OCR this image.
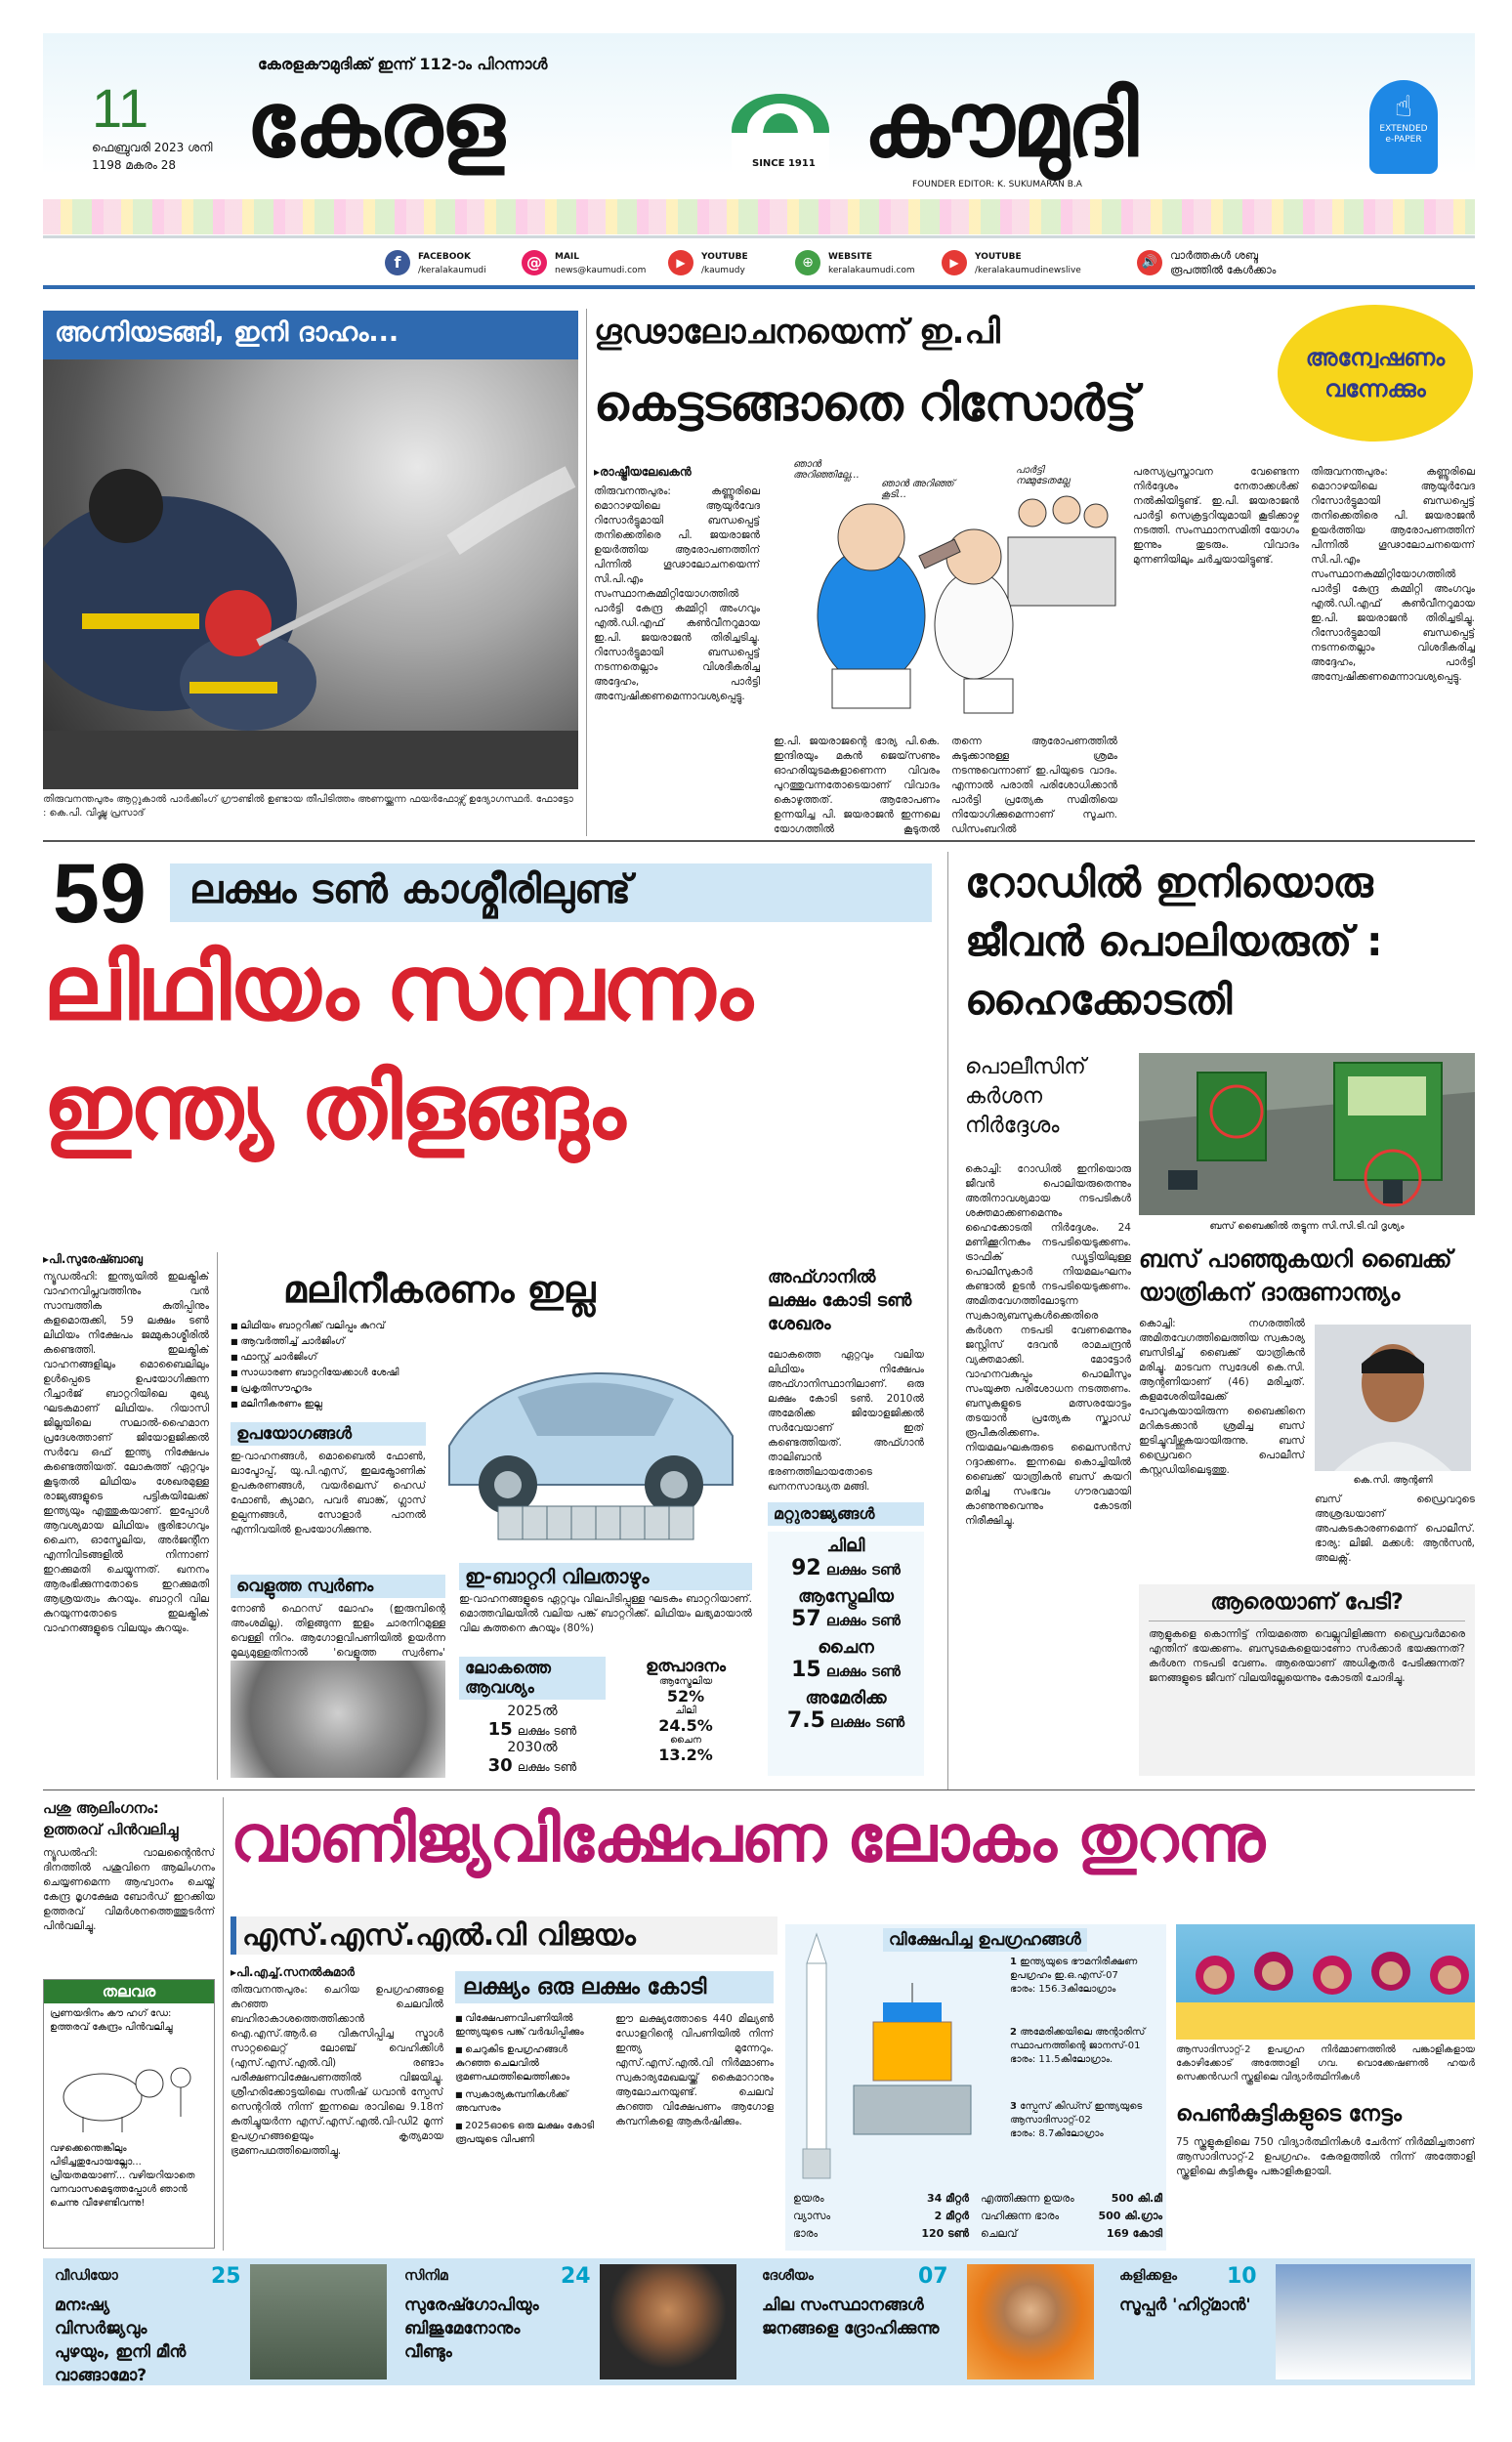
11
ഫെബ്രുവരി 2023 ശനി
1198 മകരം 28
കേരളകൗമുദിക്ക് ഇന്ന് 112-ാം പിറന്നാൾ
കേരള	SINCE 1911 കൗമുദി
FOUNDER EDITOR: K. SUKUMARAN B.A
☝
EXTENDED
e-PAPER
f	FACEBOOK
/keralakaumudi	@	MAIL
news@kaumudi.com
▶	YOUTUBE
/kaumudy	⊕	WEBSITE
keralakaumudi.com
▶	YOUTUBE
/keralakaumudinewslive
🔊	വാർത്തകൾ ശബ്ദ
രൂപത്തിൽ കേൾക്കാം
അഗ്നിയടങ്ങി, ഇനി ദാഹം...
തിരുവനന്തപുരം ആറ്റുകാൽ പാർക്കിംഗ് ഗ്രൗണ്ടിൽ ഉണ്ടായ തീപിടിത്തം അണയ്ക്കുന്ന ഫയർഫോഴ്സ് ഉദ്യോഗസ്ഥർ. ഫോട്ടോ : കെ.പി. വിഷ്ണു പ്രസാദ്
ഗൂഢാലോചനയെന്ന് ഇ.പി
കെട്ടടങ്ങാതെ റിസോർട്ട്
അന്വേഷണം വന്നേക്കും
▸രാഷ്ട്രീയലേഖകൻ
തിരുവനന്തപുരം: കണ്ണൂരിലെ മൊറാഴയിലെ ആയുർവേദ റിസോർട്ടുമായി ബന്ധപ്പെട്ട് തനിക്കെതിരെ പി. ജയരാജൻ ഉയർത്തിയ ആരോപണത്തിന് പിന്നിൽ ഗൂഢാലോചനയെന്ന് സി.പി.എം സംസ്ഥാനകമ്മിറ്റിയോഗത്തിൽ പാർട്ടി കേന്ദ്ര കമ്മിറ്റി അംഗവും എൽ.ഡി.എഫ് കൺവീനറുമായ ഇ.പി. ജയരാജൻ തിരിച്ചടിച്ചു. റിസോർട്ടുമായി ബന്ധപ്പെട്ട് നടന്നതെല്ലാം വിശദീകരിച്ച അദ്ദേഹം, പാർട്ടി അന്വേഷിക്കണമെന്നാവശ്യപ്പെട്ടു.
ഞാൻ അറിഞ്ഞില്ലേ...
ഞാൻ അറിഞ്ഞ് കൂടി...
പാർട്ടി നമ്മുടേതല്ലേ
ഇ.പി. ജയരാജന്റെ ഭാര്യ പി.കെ. ഇന്ദിരയും മകൻ ജെയ്‌സണും ഓഹരിയുടമകളാണെന്ന വിവരം പുറത്തുവന്നതോടെയാണ് വിവാദം കൊഴുത്തത്. ആരോപണം ഉന്നയിച്ച പി. ജയരാജൻ ഇന്നലെ യോഗത്തിൽ കൂടുതൽ
തന്നെ ആരോപണത്തിൽ കുടുക്കാനുള്ള ശ്രമം നടന്നുവെന്നാണ് ഇ.പിയുടെ വാദം. എന്നാൽ പരാതി പരിശോധിക്കാൻ പാർട്ടി പ്രത്യേക സമിതിയെ നിയോഗിക്കുമെന്നാണ് സൂചന. ഡിസംബറിൽ
പരസ്യപ്രസ്താവന വേണ്ടെന്ന നിർദ്ദേശം നേതാക്കൾക്ക് നൽകിയിട്ടുണ്ട്. ഇ.പി. ജയരാജൻ പാർട്ടി സെക്രട്ടറിയുമായി കൂടിക്കാഴ്ച നടത്തി. സംസ്ഥാനസമിതി യോഗം ഇന്നും തുടരും. വിവാദം മുന്നണിയിലും ചർച്ചയായിട്ടുണ്ട്.
തിരുവനന്തപുരം: കണ്ണൂരിലെ മൊറാഴയിലെ ആയുർവേദ റിസോർട്ടുമായി ബന്ധപ്പെട്ട് തനിക്കെതിരെ പി. ജയരാജൻ ഉയർത്തിയ ആരോപണത്തിന് പിന്നിൽ ഗൂഢാലോചനയെന്ന് സി.പി.എം സംസ്ഥാനകമ്മിറ്റിയോഗത്തിൽ പാർട്ടി കേന്ദ്ര കമ്മിറ്റി അംഗവും എൽ.ഡി.എഫ് കൺവീനറുമായ ഇ.പി. ജയരാജൻ തിരിച്ചടിച്ചു. റിസോർട്ടുമായി ബന്ധപ്പെട്ട് നടന്നതെല്ലാം വിശദീകരിച്ച അദ്ദേഹം, പാർട്ടി അന്വേഷിക്കണമെന്നാവശ്യപ്പെട്ടു.
59 ലക്ഷം ടൺ കാശ്മീരിലുണ്ട്
ലിഥിയം സമ്പന്നം
ഇന്ത്യ തിളങ്ങും
▸പി.സുരേഷ്ബാബു
ന്യൂഡൽഹി: ഇന്ത്യയിൽ ഇലക്ട്രിക് വാഹനവിപ്ലവത്തിനും വൻ സാമ്പത്തിക കുതിപ്പിനും കളമൊരുക്കി, 59 ലക്ഷം ടൺ ലിഥിയം നിക്ഷേപം ജമ്മുകാശ്മീരിൽ കണ്ടെത്തി. ഇലക്ട്രിക് വാഹനങ്ങളിലും മൊബൈലിലും ഉൾപ്പെടെ ഉപയോഗിക്കുന്ന റീച്ചാർജ് ബാറ്ററിയിലെ മുഖ്യ ഘടകമാണ് ലിഥിയം. റിയാസി ജില്ലയിലെ സലാൽ-ഹൈമാന പ്രദേശത്താണ് ജിയോളജിക്കൽ സർവേ ഒഫ് ഇന്ത്യ നിക്ഷേപം കണ്ടെത്തിയത്. ലോകത്ത് ഏറ്റവും കൂടുതൽ ലിഥിയം ശേഖരമുള്ള രാജ്യങ്ങളുടെ പട്ടികയിലേക്ക് ഇന്ത്യയും എത്തുകയാണ്. ഇപ്പോൾ ആവശ്യമായ ലിഥിയം ഭൂരിഭാഗവും ചൈന, ഓസ്ട്രേലിയ, അർജന്റീന എന്നിവിടങ്ങളിൽ നിന്നാണ് ഇറക്കുമതി ചെയ്യുന്നത്. ഖനനം ആരംഭിക്കുന്നതോടെ ഇറക്കുമതി ആശ്രയത്വം കുറയും. ബാറ്ററി വില കുറയുന്നതോടെ ഇലക്ട്രിക് വാഹനങ്ങളുടെ വിലയും കുറയും.
മലിനീകരണം ഇല്ല
■ ലിഥിയം ബാറ്ററിക്ക് വലിപ്പം കുറവ്
■ ആവർത്തിച്ച് ചാർജിംഗ്
■ ഫാസ്റ്റ് ചാർജിംഗ്
■ സാധാരണ ബാറ്ററിയേക്കാൾ ശേഷി
■ പ്രകൃതിസൗഹൃദം
■ മലിനീകരണം ഇല്ല
ഉപയോഗങ്ങൾ
ഇ-വാഹനങ്ങൾ, മൊബൈൽ ഫോൺ, ലാപ്ടോപ്പ്, യു.പി.എസ്, ഇലക്ട്രോണിക് ഉപകരണങ്ങൾ, വയർലെസ് ഹെഡ് ഫോൺ, ക്യാമറ, പവർ ബാങ്ക്, ഗ്ലാസ് ഉല്പന്നങ്ങൾ, സോളാർ പാനൽ എന്നിവയിൽ ഉപയോഗിക്കുന്നു.
ഇ-ബാറ്ററി വിലതാഴും
ഇ-വാഹനങ്ങളുടെ ഏറ്റവും വിലപിടിപ്പുള്ള ഘടകം ബാറ്ററിയാണ്. മൊത്തവിലയിൽ വലിയ പങ്ക് ബാറ്ററിക്ക്. ലിഥിയം ലഭ്യമായാൽ വില കുത്തനെ കുറയും (80%)
വെളുത്ത സ്വർണം
നോൺ ഫെറസ് ലോഹം (ഇരുമ്പിന്റെ അംശമില്ല). തിളങ്ങുന്ന ഇളം ചാരനിറമുള്ള വെള്ളി നിറം. ആഗോളവിപണിയിൽ ഉയർന്ന മൂല്യമുള്ളതിനാൽ 'വെളുത്ത സ്വർണം'
ലോകത്തെ ആവശ്യം
2025ൽ
15 ലക്ഷം ടൺ
2030ൽ
30 ലക്ഷം ടൺ
ഉത്പാദനം
ആസ്ട്രേലിയ
52%
ചിലി
24.5%
ചൈന
13.2%
അഫ്ഗാനിൽ ലക്ഷം കോടി ടൺ ശേഖരം
ലോകത്തെ ഏറ്റവും വലിയ ലിഥിയം നിക്ഷേപം അഫ്ഗാനിസ്ഥാനിലാണ്. ഒരു ലക്ഷം കോടി ടൺ. 2010ൽ അമേരിക്ക ജിയോളജിക്കൽ സർവേയാണ് ഇത് കണ്ടെത്തിയത്. അഫ്ഗാൻ താലിബാൻ ഭരണത്തിലായതോടെ ഖനനസാദ്ധ്യത മങ്ങി.
മറ്റുരാജ്യങ്ങൾ
ചിലി
92 ലക്ഷം ടൺ
ആസ്ട്രേലിയ
57 ലക്ഷം ടൺ
ചൈന
15 ലക്ഷം ടൺ
അമേരിക്ക
7.5 ലക്ഷം ടൺ
റോഡിൽ ഇനിയൊരു ജീവൻ പൊലിയരുത് : ഹൈക്കോടതി
പൊലീസിന് കർശന നിർദ്ദേശം
ബസ് ബൈക്കിൽ തട്ടുന്ന സി.സി.ടി.വി ദൃശ്യം
കൊച്ചി: റോഡിൽ ഇനിയൊരു ജീവൻ പൊലിയരുതെന്നും അതിനാവശ്യമായ നടപടികൾ ശക്തമാക്കണമെന്നും ഹൈക്കോടതി നിർദ്ദേശം. 24 മണിക്കൂറിനകം നടപടിയെടുക്കണം. ട്രാഫിക് ഡ്യൂട്ടിയിലുള്ള പൊലീസുകാർ നിയമലംഘനം കണ്ടാൽ ഉടൻ നടപടിയെടുക്കണം. അമിതവേഗത്തിലോടുന്ന സ്വകാര്യബസുകൾക്കെതിരെ കർശന നടപടി വേണമെന്നും ജസ്റ്റിസ് ദേവൻ രാമചന്ദ്രൻ വ്യക്തമാക്കി. മോട്ടോർ വാഹനവകുപ്പും പൊലീസും സംയുക്ത പരിശോധന നടത്തണം. ബസുകളുടെ മത്സരയോട്ടം തടയാൻ പ്രത്യേക സ്ക്വാഡ് രൂപീകരിക്കണം. നിയമലംഘകരുടെ ലൈസൻസ് റദ്ദാക്കണം. ഇന്നലെ കൊച്ചിയിൽ ബൈക്ക് യാത്രികൻ ബസ് കയറി മരിച്ച സംഭവം ഗൗരവമായി കാണുന്നുവെന്നും കോടതി നിരീക്ഷിച്ചു.
ബസ് പാഞ്ഞുകയറി ബൈക്ക് യാത്രികന് ദാരുണാന്ത്യം
കൊച്ചി: നഗരത്തിൽ അമിതവേഗത്തിലെത്തിയ സ്വകാര്യ ബസിടിച്ച് ബൈക്ക് യാത്രികൻ മരിച്ചു. മാടവന സ്വദേശി കെ.സി. ആന്റണിയാണ് (46) മരിച്ചത്. കളമശേരിയിലേക്ക് പോവുകയായിരുന്ന ബൈക്കിനെ മറികടക്കാൻ ശ്രമിച്ച ബസ് ഇടിച്ചുവീഴ്ത്തുകയായിരുന്നു. ബസ് ഡ്രൈവറെ പൊലീസ് കസ്റ്റഡിയിലെടുത്തു.
കെ.സി. ആന്റണി
ബസ് ഡ്രൈവറുടെ അശ്രദ്ധയാണ് അപകടകാരണമെന്ന് പൊലീസ്. ഭാര്യ: ലിജി. മക്കൾ: ആൻസൻ, അലക്സ്.
ആരെയാണ് പേടി?
ആളുകളെ കൊന്നിട്ട് നിയമത്തെ വെല്ലുവിളിക്കുന്ന ഡ്രൈവർമാരെ എന്തിന് ഭയക്കണം. ബസുടമകളെയാണോ സർക്കാർ ഭയക്കുന്നത്? കർശന നടപടി വേണം. ആരെയാണ് അധികൃതർ പേടിക്കുന്നത്? ജനങ്ങളുടെ ജീവന് വിലയില്ലേയെന്നും കോടതി ചോദിച്ചു.
പശു ആലിംഗനം: ഉത്തരവ് പിൻവലിച്ചു
ന്യൂഡൽഹി: വാലന്റൈൻസ് ദിനത്തിൽ പശുവിനെ ആലിംഗനം ചെയ്യണമെന്ന ആഹ്വാനം ചെയ്ത് കേന്ദ്ര മൃഗക്ഷേമ ബോർഡ് ഇറക്കിയ ഉത്തരവ് വിമർശനത്തെത്തുടർന്ന് പിൻവലിച്ചു.
തലവര
പ്രണയദിനം കൗ ഹഗ് ഡേ: ഉത്തരവ് കേന്ദ്രം പിൻവലിച്ചു
വഴക്കെന്തെങ്കിലും പിടിച്ചതുപോയല്ലോ... പ്രിയതമയാണ്... വഴിയറിയാതെ വനവാസമെടുത്തപ്പോൾ ഞാൻ ചെന്നു വീഴേണ്ടിവന്നു!
വാണിജ്യവിക്ഷേപണ ലോകം തുറന്നു
എസ്.എസ്.എൽ.വി വിജയം
▸പി.എച്ച്.സനൽകുമാർ
തിരുവനന്തപുരം: ചെറിയ ഉപഗ്രഹങ്ങളെ കുറഞ്ഞ ചെലവിൽ ബഹിരാകാശത്തെത്തിക്കാൻ ഐ.എസ്.ആർ.ഒ വികസിപ്പിച്ച സ്മാൾ സാറ്റലൈറ്റ് ലോഞ്ച് വെഹിക്കിൾ (എസ്.എസ്.എൽ.വി) രണ്ടാം പരീക്ഷണവിക്ഷേപണത്തിൽ വിജയിച്ചു. ശ്രീഹരിക്കോട്ടയിലെ സതീഷ് ധവാൻ സ്പേസ് സെന്ററിൽ നിന്ന് ഇന്നലെ രാവിലെ 9.18ന് കുതിച്ചുയർന്ന എസ്.എസ്.എൽ.വി-ഡി2 മൂന്ന് ഉപഗ്രഹങ്ങളെയും കൃത്യമായ ഭ്രമണപഥത്തിലെത്തിച്ചു.
ലക്ഷ്യം ഒരു ലക്ഷം കോടി
■ വിക്ഷേപണവിപണിയിൽ ഇന്ത്യയുടെ പങ്ക് വർദ്ധിപ്പിക്കും
■ ചെറുകിട ഉപഗ്രഹങ്ങൾ കുറഞ്ഞ ചെലവിൽ ഭ്രമണപഥത്തിലെത്തിക്കാം
■ സ്വകാര്യകമ്പനികൾക്ക് അവസരം
■ 2025ഓടെ ഒരു ലക്ഷം കോടി രൂപയുടെ വിപണി
ഈ ലക്ഷ്യത്തോടെ 440 മില്യൺ ഡോളറിന്റെ വിപണിയിൽ നിന്ന് ഇന്ത്യ മുന്നേറും. എസ്.എസ്.എൽ.വി നിർമ്മാണം സ്വകാര്യമേഖലയ്ക്ക് കൈമാറാനും ആലോചനയുണ്ട്. ചെലവ് കുറഞ്ഞ വിക്ഷേപണം ആഗോള കമ്പനികളെ ആകർഷിക്കും.
വിക്ഷേപിച്ച ഉപഗ്രഹങ്ങൾ
1 ഇന്ത്യയുടെ ഭൗമനിരീക്ഷണ ഉപഗ്രഹം ഇ.ഒ.എസ്-07
ഭാരം: 156.3കിലോഗ്രാം
2 അമേരിക്കയിലെ അന്റാരിസ് സ്ഥാപനത്തിന്റെ ജാനസ്-01
ഭാരം: 11.5കിലോഗ്രാം.
3 സ്പേസ് കിഡ്സ് ഇന്ത്യയുടെ ആസാദിസാറ്റ്-02
ഭാരം: 8.7കിലോഗ്രാം
ഉയരം	34 മീറ്റർ
വ്യാസം	2 മീറ്റർ
ഭാരം	120 ടൺ
എത്തിക്കുന്ന ഉയരം	500 കി.മീ
വഹിക്കുന്ന ഭാരം	500 കി.ഗ്രാം
ചെലവ്	169 കോടി
ആസാദിസാറ്റ്-2 ഉപഗ്രഹ നിർമ്മാണത്തിൽ പങ്കാളികളായ കോഴിക്കോട് അത്തോളി ഗവ. വൊക്കേഷണൽ ഹയർ സെക്കൻഡറി സ്കൂളിലെ വിദ്യാർത്ഥിനികൾ
പെൺകുട്ടികളുടെ നേട്ടം
75 സ്കൂളുകളിലെ 750 വിദ്യാർത്ഥിനികൾ ചേർന്ന് നിർമ്മിച്ചതാണ് ആസാദിസാറ്റ്-2 ഉപഗ്രഹം. കേരളത്തിൽ നിന്ന് അത്തോളി സ്കൂളിലെ കുട്ടികളും പങ്കാളികളായി.
വീഡിയോ	25
മനഃഷ്യ വിസർജ്യവും പുഴയും, ഇനി മീൻ വാങ്ങാമോ?
സിനിമ	24
സുരേഷ്ഗോപിയും ബിജുമേനോനും വീണ്ടും
ദേശീയം	07
ചില സംസ്ഥാനങ്ങൾ ജനങ്ങളെ ദ്രോഹിക്കുന്നു
കളിക്കളം 10
സൂപ്പർ 'ഹിറ്റ്മാൻ'
